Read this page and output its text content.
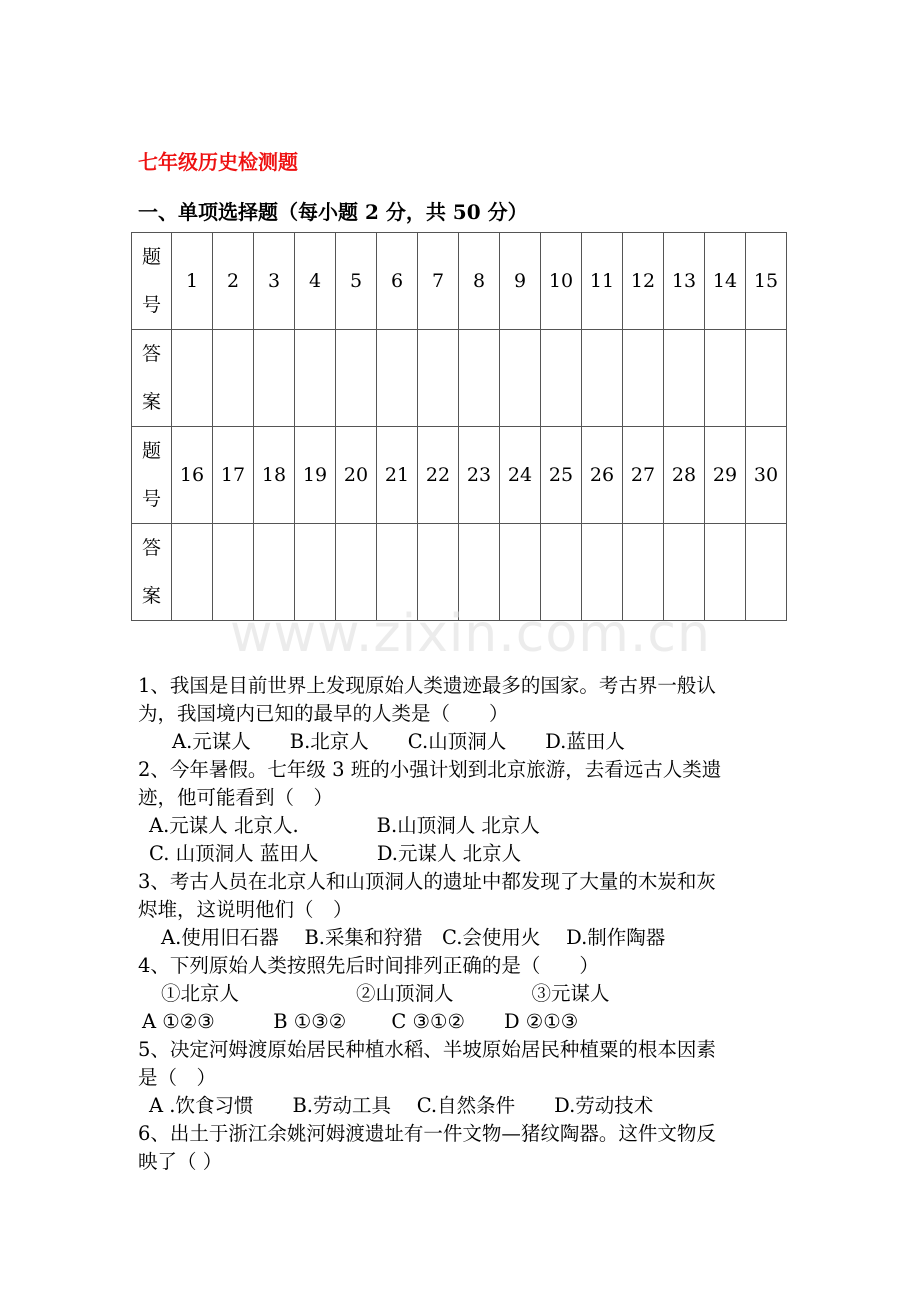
七年级历史检测题
一、单项选择题（每小题 2 分，共 50 分）
题号	1	2	3	4	5	6	7	8	9	10	11	12	13	14	15
答案															
题号	16	17	18	19	20	21	22	23	24	25	26	27	28	29	30
答案															
www.zixin.com.cn
1、我国是目前世界上发现原始人类遗迹最多的国家。考古界一般认
为，我国境内已知的最早的人类是（　　）
A.元谋人　　B.北京人　　C.山顶洞人　　D.蓝田人
2、今年暑假。七年级 3 班的小强计划到北京旅游，去看远古人类遗
迹，他可能看到（　）
A.元谋人 北京人.　　　　B.山顶洞人 北京人
C. 山顶洞人 蓝田人　　　D.元谋人 北京人
3、考古人员在北京人和山顶洞人的遗址中都发现了大量的木炭和灰
烬堆，这说明他们（　）
A.使用旧石器　 B.采集和狩猎　C.会使用火　 D.制作陶器
4、下列原始人类按照先后时间排列正确的是（　　）
①北京人　　　　　　②山顶洞人　　　　③元谋人
A ①②③　　　B ①③②　　 C ③①②　　D ②①③
5、决定河姆渡原始居民种植水稻、半坡原始居民种植粟的根本因素
是（　）
A .饮食习惯　　B.劳动工具　 C.自然条件　　D.劳动技术
6、出土于浙江余姚河姆渡遗址有一件文物—猪纹陶器。这件文物反
映了（ ）
